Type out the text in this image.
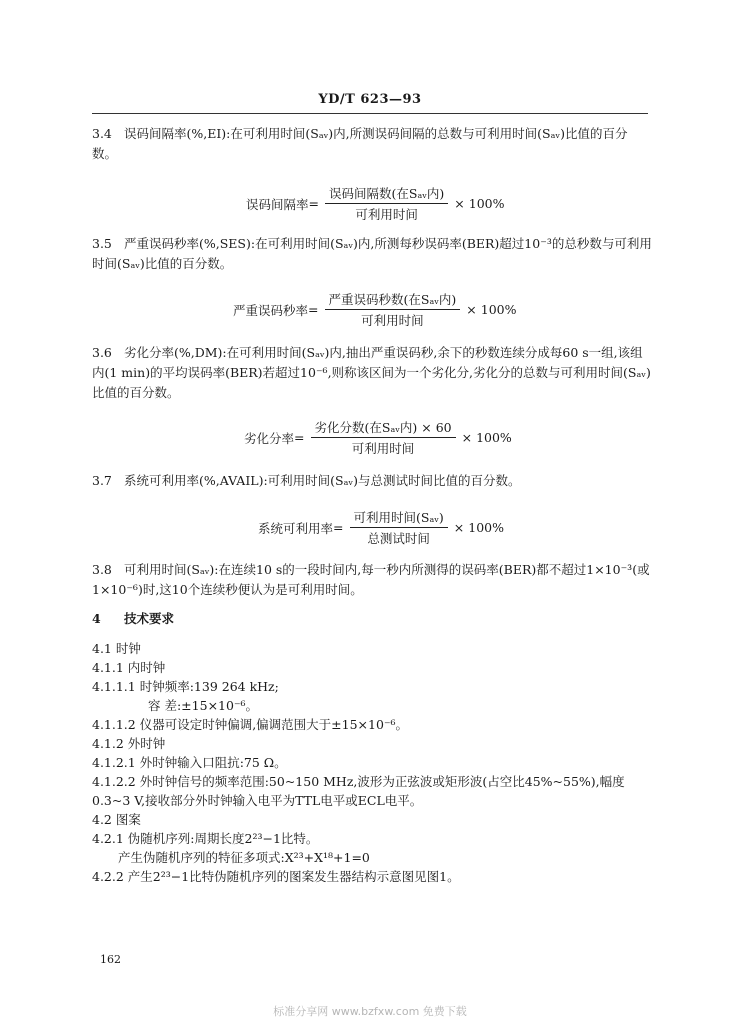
YD/T 623—93
3.4 误码间隔率(%,EI):在可利用时间(Sₐᵥ)内,所测误码间隔的总数与可利用时间(Sₐᵥ)比值的百分数。
误码间隔率 = $\frac{\text{误码间隔数(在Sₐᵥ内)}}{\text{可利用时间}} \times 100\%$
3.5 严重误码秒率(%,SES):在可利用时间(Sₐᵥ)内,所测每秒误码率(BER)超过10⁻³的总秒数与可利用时间(Sₐᵥ)比值的百分数。
严重误码秒率 = $\frac{\text{严重误码秒数(在Sₐᵥ内)}}{\text{可利用时间}} \times 100\%$
3.6 劣化分率(%,DM):在可利用时间(Sₐᵥ)内,抽出严重误码秒,余下的秒数连续分成每60 s一组,该组内(1 min)的平均误码率(BER)若超过10⁻⁶,则称该区间为一个劣化分,劣化分的总数与可利用时间(Sₐᵥ)比值的百分数。
劣化分率 = $\frac{\text{劣化分数(在Sₐᵥ内) × 60}}{\text{可利用时间}} \times 100\%$
3.7 系统可利用率(%,AVAIL):可利用时间(Sₐᵥ)与总测试时间比值的百分数。
系统可利用率 = $\frac{\text{可利用时间(Sₐᵥ)}}{\text{总测试时间}} \times 100\%$
3.8 可利用时间(Sₐᵥ):在连续10 s的一段时间内,每一秒内所测得的误码率(BER)都不超过1×10⁻³(或1×10⁻⁶)时,这10个连续秒便认为是可利用时间。
4 技术要求
4.1 时钟
4.1.1 内时钟
4.1.1.1 时钟频率:139 264 kHz;
容 差:±15×10⁻⁶。
4.1.1.2 仪器可设定时钟偏调,偏调范围大于±15×10⁻⁶。
4.1.2 外时钟
4.1.2.1 外时钟输入口阻抗:75 Ω。
4.1.2.2 外时钟信号的频率范围:50~150 MHz,波形为正弦波或矩形波(占空比45%~55%),幅度
0.3~3 V,接收部分外时钟输入电平为TTL电平或ECL电平。
4.2 图案
4.2.1 伪随机序列:周期长度2²³−1比特。
产生伪随机序列的特征多项式:X²³+X¹⁸+1=0
4.2.2 产生2²³−1比特伪随机序列的图案发生器结构示意图见图1。
162
标准分享网 www.bzfxw.com 免费下载
